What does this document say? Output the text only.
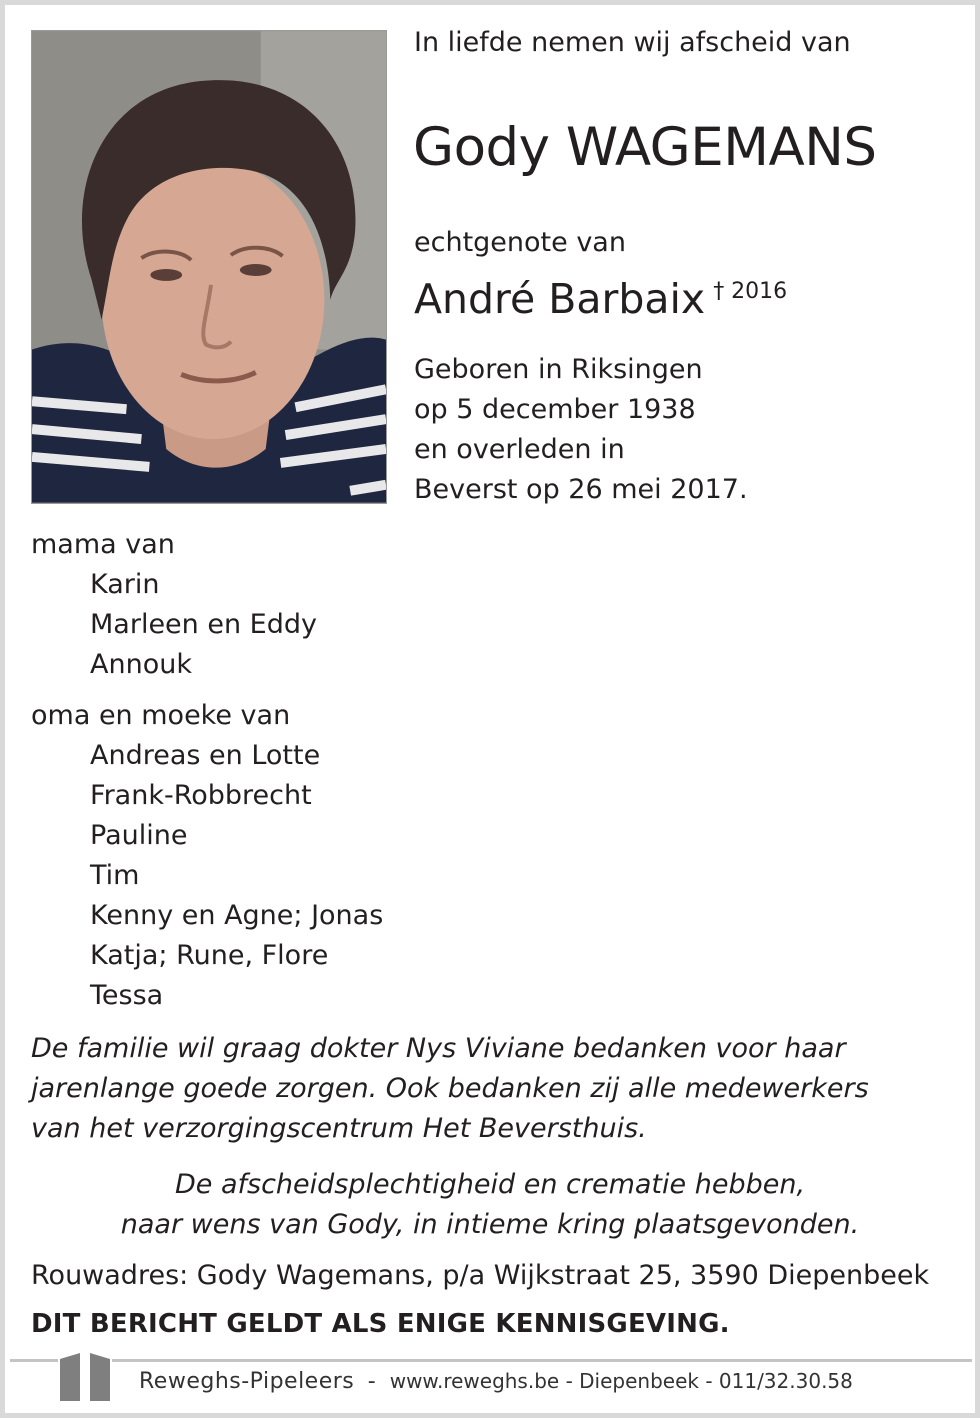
In liefde nemen wij afscheid van
Gody WAGEMANS
echtgenote van
André Barbaix $^{\dagger 2016}$
Geboren in Riksingen
op 5 december 1938
en overleden in
Beverst op 26 mei 2017.
mama van
Karin
Marleen en Eddy
Annouk
oma en moeke van
Andreas en Lotte
Frank-Robbrecht
Pauline
Tim
Kenny en Agne; Jonas
Katja; Rune, Flore
Tessa
De familie wil graag dokter Nys Viviane bedanken voor haar
jarenlange goede zorgen. Ook bedanken zij alle medewerkers
van het verzorgingscentrum Het Beversthuis.
De afscheidsplechtigheid en crematie hebben,
naar wens van Gody, in intieme kring plaatsgevonden.
Rouwadres: Gody Wagemans, p/a Wijkstraat 25, 3590 Diepenbeek
DIT BERICHT GELDT ALS ENIGE KENNISGEVING.
Reweghs-Pipeleers - www.reweghs.be - Diepenbeek - 011/32.30.58
